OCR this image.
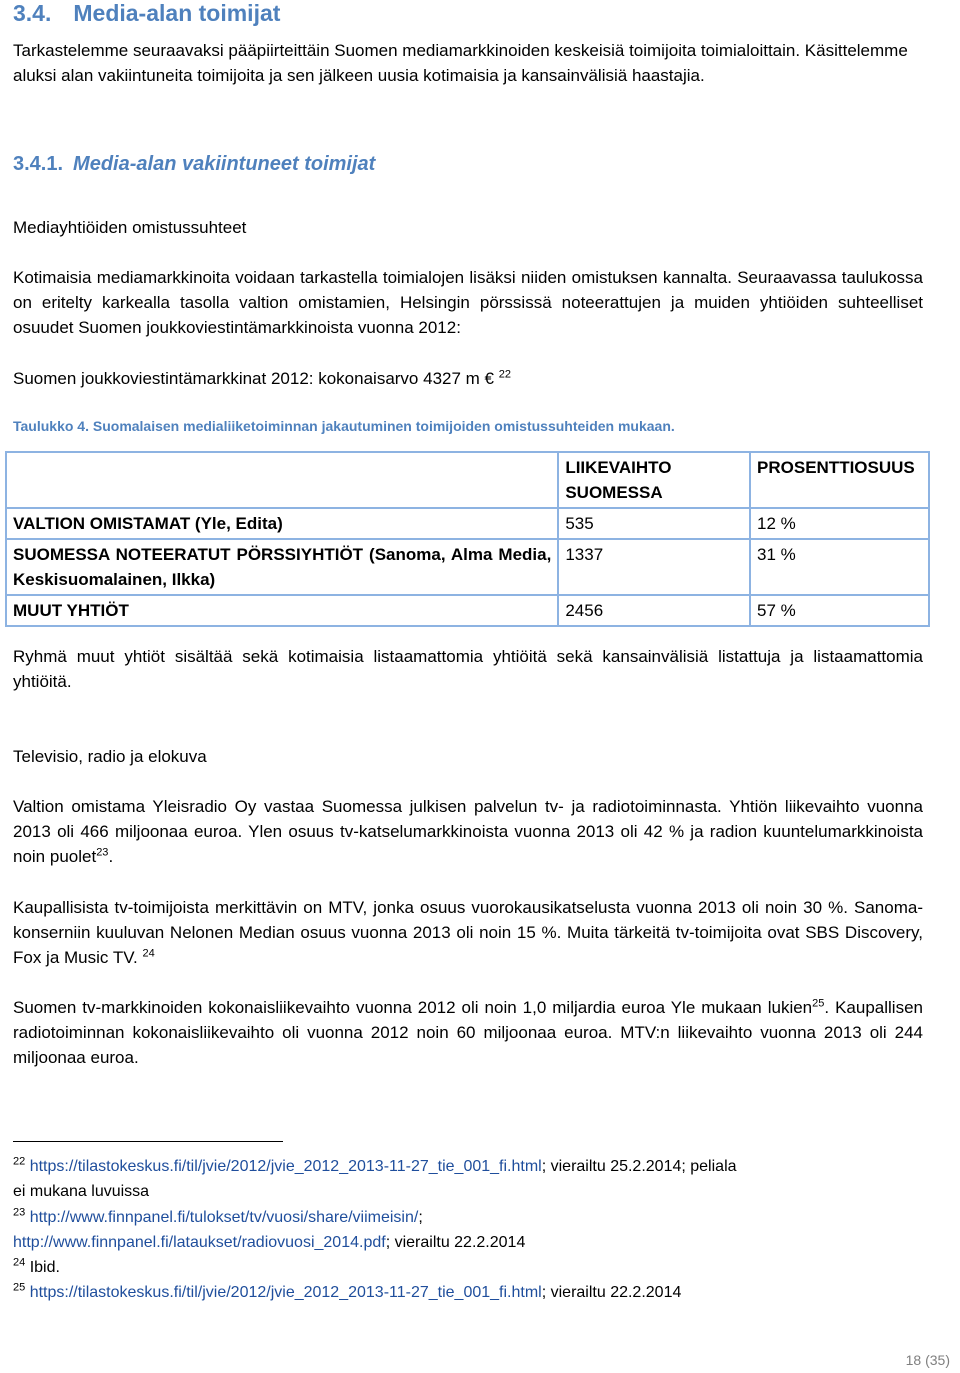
3.4. Media-alan toimijat

Tarkastelemme seuraavaksi pääpiirteittäin Suomen mediamarkkinoiden keskeisiä toimijoita toimialoittain. Käsittelemme aluksi alan vakiintuneita toimijoita ja sen jälkeen uusia kotimaisia ja kansainvälisiä haastajia.

3.4.1. Media-alan vakiintuneet toimijat

Mediayhtiöiden omistussuhteet

Kotimaisia mediamarkkinoita voidaan tarkastella toimialojen lisäksi niiden omistuksen kannalta. Seuraavassa taulukossa on eritelty karkealla tasolla valtion omistamien, Helsingin pörssissä noteerattujen ja muiden yhtiöiden suhteelliset osuudet Suomen joukkoviestintämarkkinoista vuonna 2012:

Suomen joukkoviestintämarkkinat 2012: kokonaisarvo 4327 m € $^{22}$

Taulukko 4. Suomalaisen medialiiketoiminnan jakautuminen toimijoiden omistussuhteiden mukaan.

	LIIKEVAIHTO SUOMESSA	PROSENTTIOSUUS
VALTION OMISTAMAT (Yle, Edita)	535	12 %
SUOMESSA NOTEERATUT PÖRSSIYHTIÖT (Sanoma, Alma Media, Keskisuomalainen, Ilkka)	1337	31 %
MUUT YHTIÖT	2456	57 %

Ryhmä muut yhtiöt sisältää sekä kotimaisia listaamattomia yhtiöitä sekä kansainvälisiä listattuja ja listaamattomia yhtiöitä.

Televisio, radio ja elokuva

Valtion omistama Yleisradio Oy vastaa Suomessa julkisen palvelun tv- ja radiotoiminnasta. Yhtiön liikevaihto vuonna 2013 oli 466 miljoonaa euroa. Ylen osuus tv-katselumarkkinoista vuonna 2013 oli 42 % ja radion kuuntelumarkkinoista noin puolet$^{23}$.

Kaupallisista tv-toimijoista merkittävin on MTV, jonka osuus vuorokausikatselusta vuonna 2013 oli noin 30 %. Sanoma-konserniin kuuluvan Nelonen Median osuus vuonna 2013 oli noin 15 %. Muita tärkeitä tv-toimijoita ovat SBS Discovery, Fox ja Music TV. $^{24}$

Suomen tv-markkinoiden kokonaisliikevaihto vuonna 2012 oli noin 1,0 miljardia euroa Yle mukaan lukien$^{25}$. Kaupallisen radiotoiminnan kokonaisliikevaihto oli vuonna 2012 noin 60 miljoonaa euroa. MTV:n liikevaihto vuonna 2013 oli 244 miljoonaa euroa.

$^{22}$ https://tilastokeskus.fi/til/jvie/2012/jvie_2012_2013-11-27_tie_001_fi.html; vierailtu 25.2.2014; peliala
ei mukana luvuissa
$^{23}$ http://www.finnpanel.fi/tulokset/tv/vuosi/share/viimeisin/;
http://www.finnpanel.fi/lataukset/radiovuosi_2014.pdf; vierailtu 22.2.2014
$^{24}$ Ibid.
$^{25}$ https://tilastokeskus.fi/til/jvie/2012/jvie_2012_2013-11-27_tie_001_fi.html; vierailtu 22.2.2014
18 (35)
